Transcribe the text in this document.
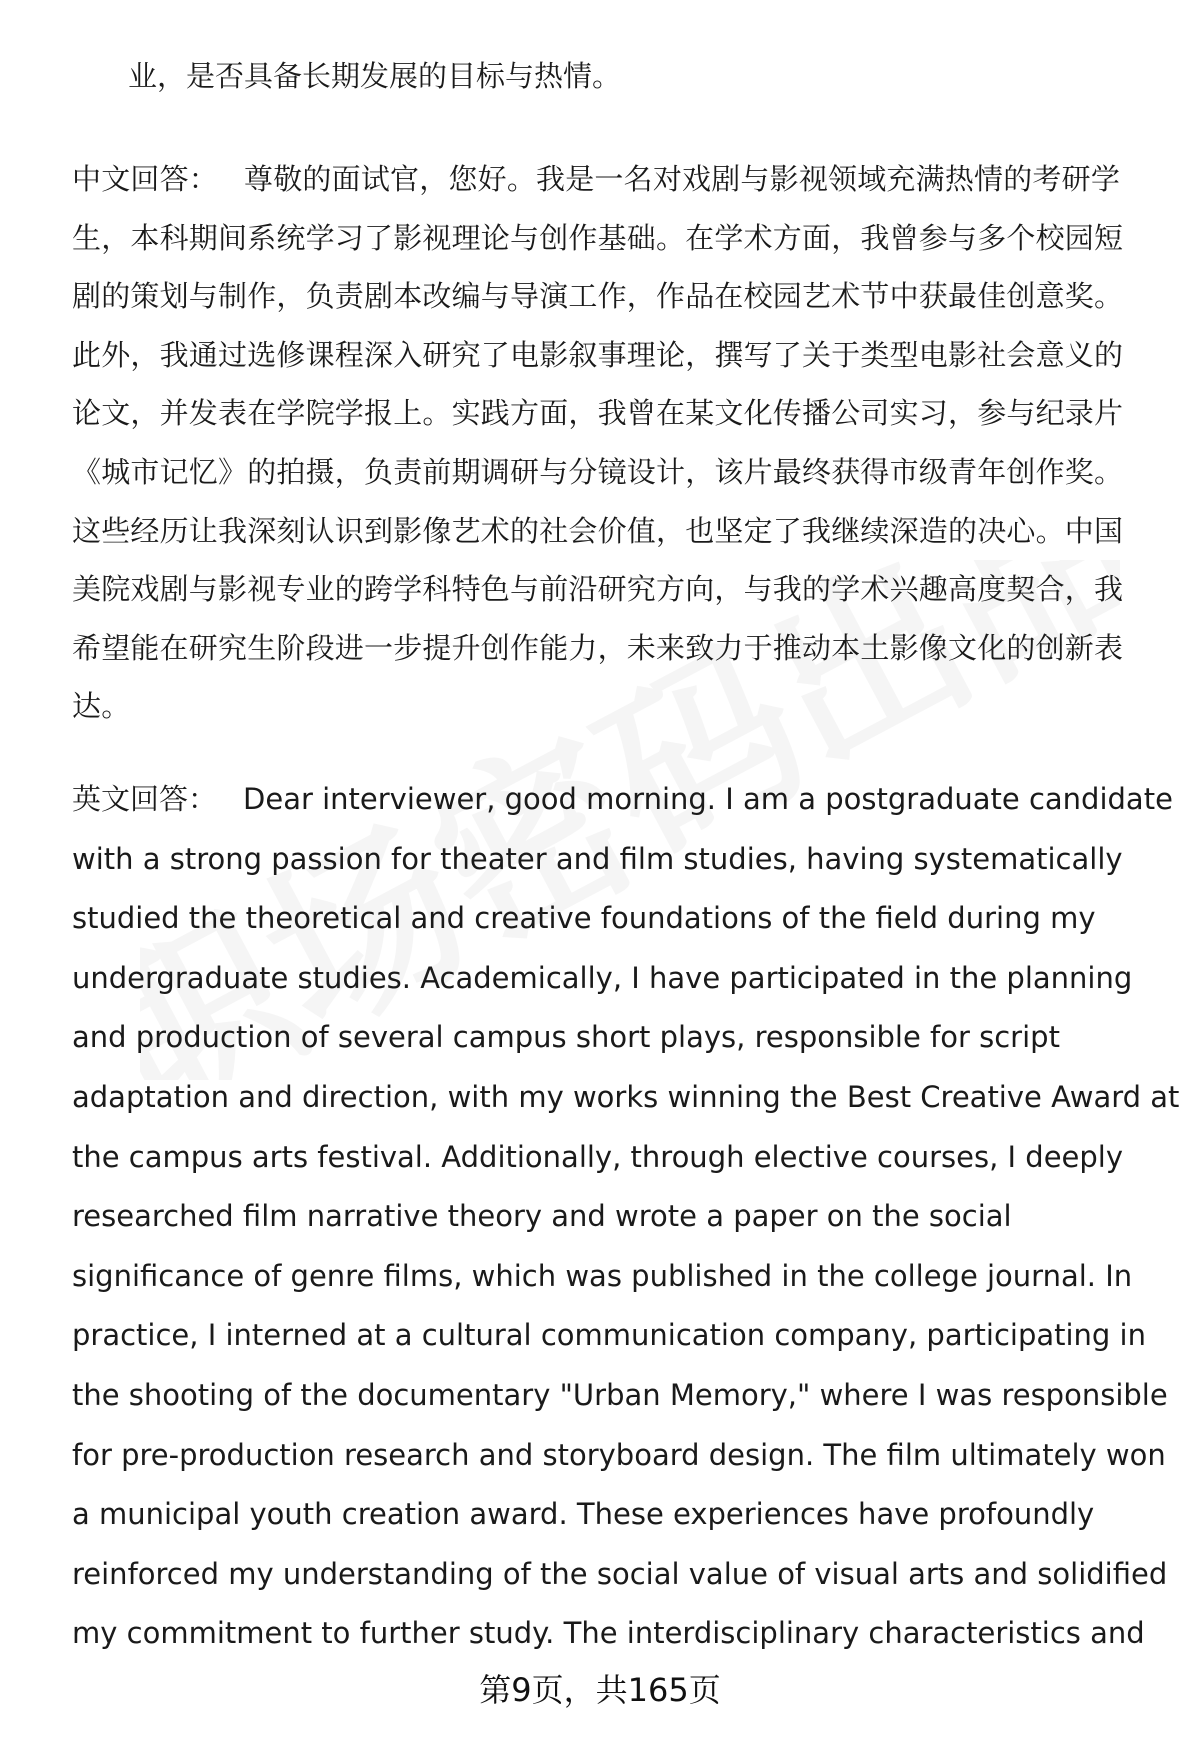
职场密码出品
业，是否具备长期发展的目标与热情。
中文回答： 尊敬的面试官，您好。我是一名对戏剧与影视领域充满热情的考研学
生，本科期间系统学习了影视理论与创作基础。在学术方面，我曾参与多个校园短
剧的策划与制作，负责剧本改编与导演工作，作品在校园艺术节中获最佳创意奖。
此外，我通过选修课程深入研究了电影叙事理论，撰写了关于类型电影社会意义的
论文，并发表在学院学报上。实践方面，我曾在某文化传播公司实习，参与纪录片
《城市记忆》的拍摄，负责前期调研与分镜设计，该片最终获得市级青年创作奖。
这些经历让我深刻认识到影像艺术的社会价值，也坚定了我继续深造的决心。中国
美院戏剧与影视专业的跨学科特色与前沿研究方向，与我的学术兴趣高度契合，我
希望能在研究生阶段进一步提升创作能力，未来致力于推动本土影像文化的创新表
达。
英文回答： Dear interviewer, good morning. I am a postgraduate candidate
with a strong passion for theater and film studies, having systematically
studied the theoretical and creative foundations of the field during my
undergraduate studies. Academically, I have participated in the planning
and production of several campus short plays, responsible for script
adaptation and direction, with my works winning the Best Creative Award at
the campus arts festival. Additionally, through elective courses, I deeply
researched film narrative theory and wrote a paper on the social
significance of genre films, which was published in the college journal. In
practice, I interned at a cultural communication company, participating in
the shooting of the documentary "Urban Memory," where I was responsible
for pre-production research and storyboard design. The film ultimately won
a municipal youth creation award. These experiences have profoundly
reinforced my understanding of the social value of visual arts and solidified
my commitment to further study. The interdisciplinary characteristics and
第9页，共165页
